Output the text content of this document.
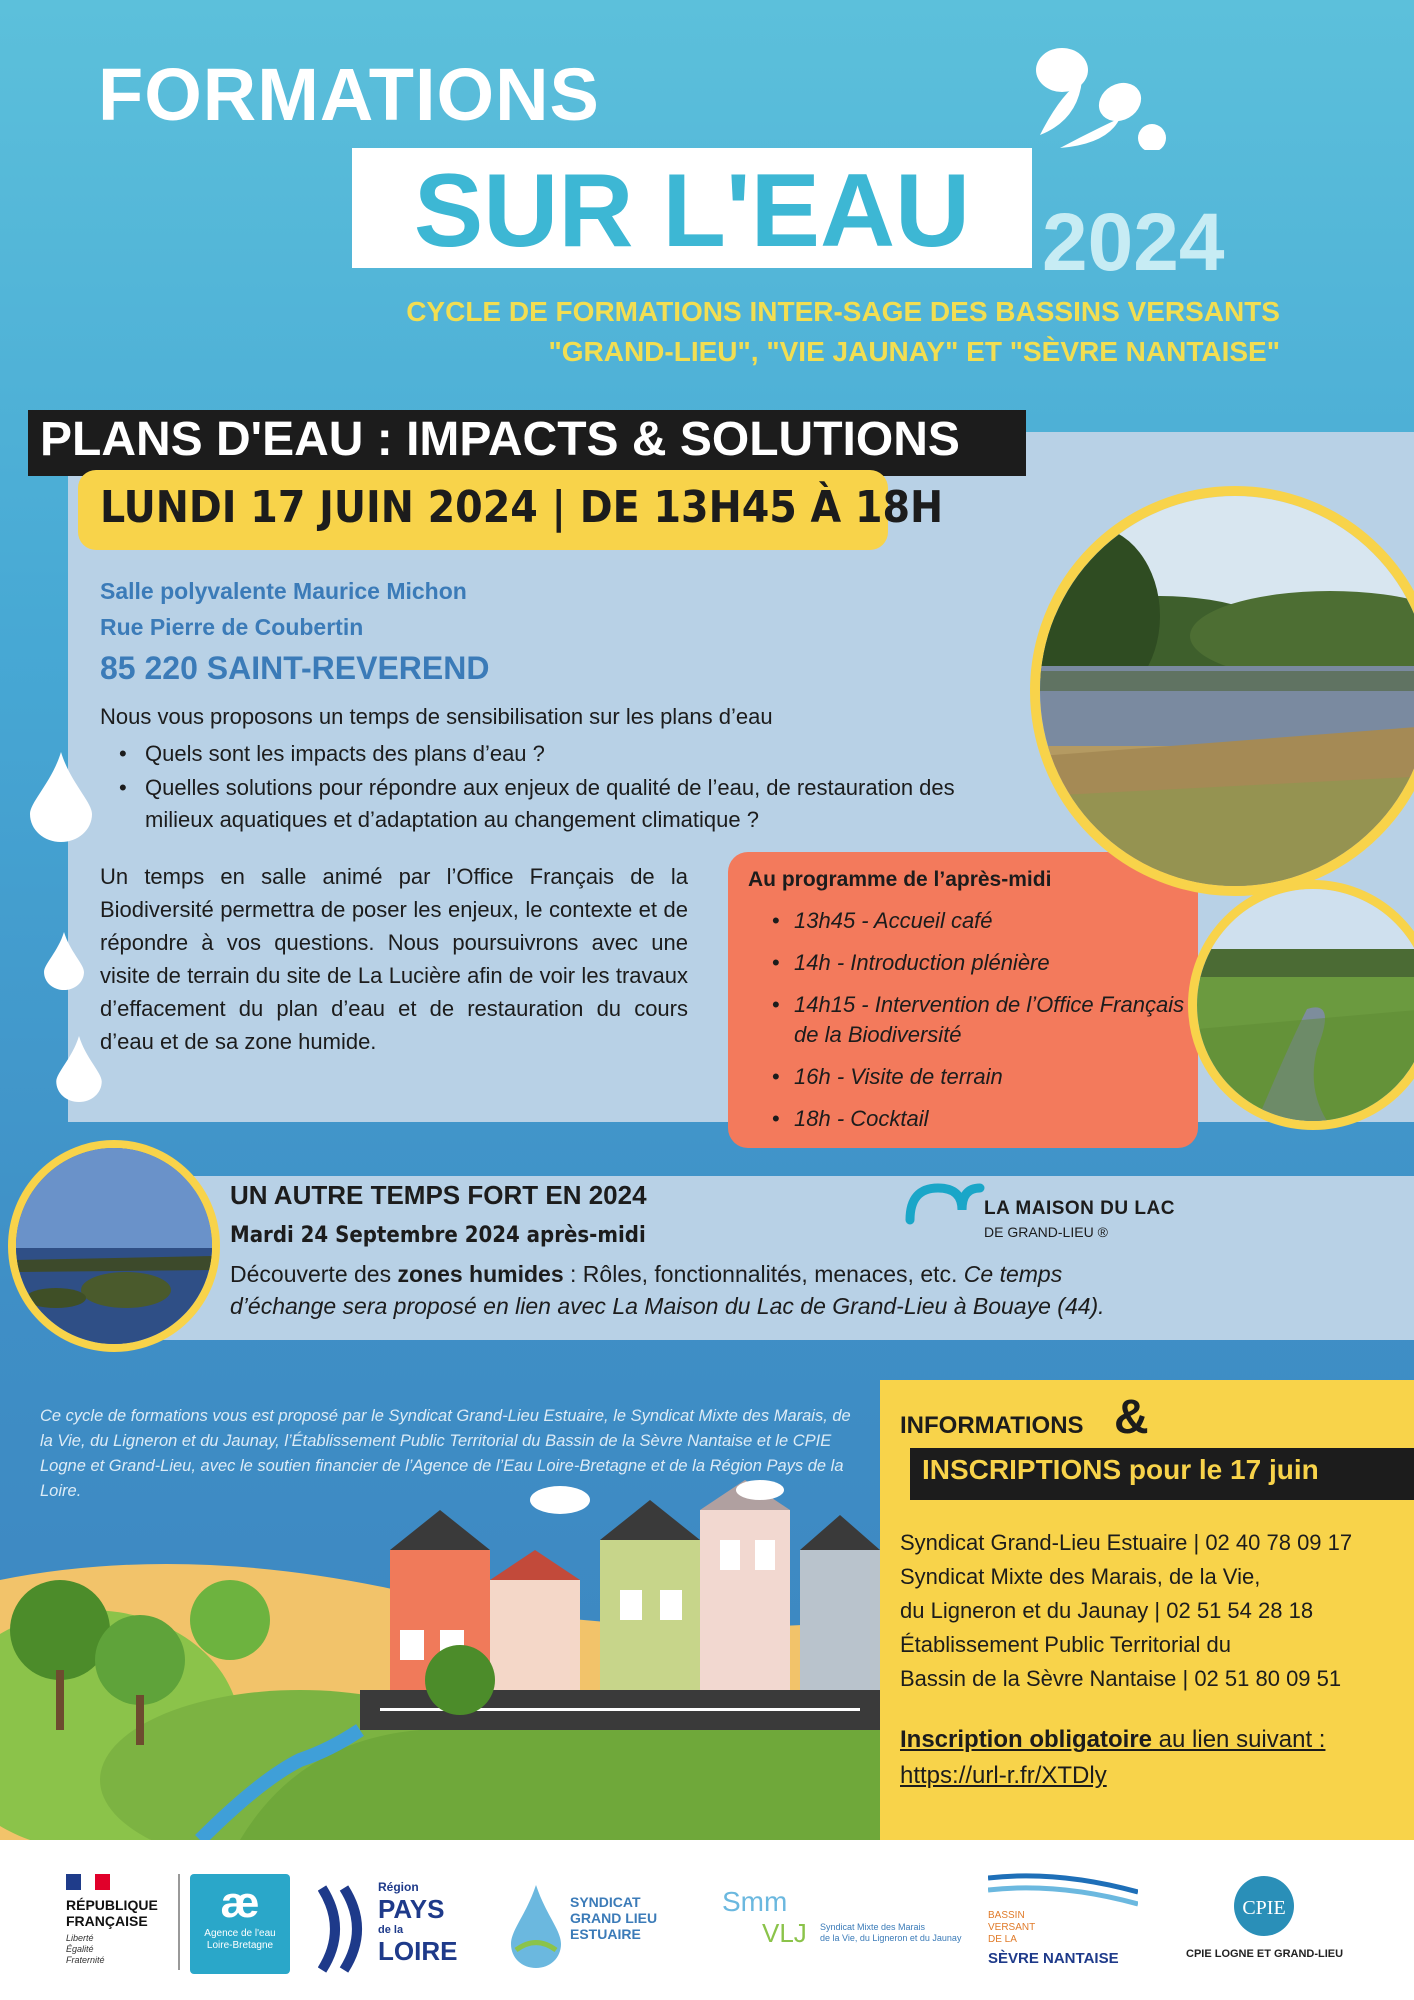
FORMATIONS
SUR L'EAU 2024
CYCLE DE FORMATIONS INTER-SAGE DES BASSINS VERSANTS
"GRAND-LIEU", "VIE JAUNAY" ET "SÈVRE NANTAISE"
PLANS D'EAU : IMPACTS & SOLUTIONS
LUNDI 17 JUIN 2024 | DE 13H45 À 18H
Salle polyvalente Maurice Michon
Rue Pierre de Coubertin
85 220 SAINT-REVEREND
Nous vous proposons un temps de sensibilisation sur les plans d’eau
• Quels sont les impacts des plans d’eau ?
• Quelles solutions pour répondre aux enjeux de qualité de l’eau, de restauration des milieux aquatiques et d’adaptation au changement climatique ?
Un temps en salle animé par l’Office Français de la Biodiversité permettra de poser les enjeux, le contexte et de répondre à vos questions. Nous poursuivrons avec une visite de terrain du site de La Lucière afin de voir les travaux d’effacement du plan d’eau et de restauration du cours d’eau et de sa zone humide.
Au programme de l’après-midi
• 13h45 - Accueil café
• 14h - Introduction plénière
• 14h15 - Intervention de l’Office Français de la Biodiversité
• 16h - Visite de terrain
• 18h - Cocktail
UN AUTRE TEMPS FORT EN 2024
Mardi 24 Septembre 2024 après-midi
Découverte des zones humides : Rôles, fonctionnalités, menaces, etc. Ce temps d’échange sera proposé en lien avec La Maison du Lac de Grand-Lieu à Bouaye (44).
LA MAISON DU LAC
DE GRAND-LIEU ®
Ce cycle de formations vous est proposé par le Syndicat Grand-Lieu Estuaire, le Syndicat Mixte des Marais, de la Vie, du Ligneron et du Jaunay, l’Établissement Public Territorial du Bassin de la Sèvre Nantaise et le CPIE Logne et Grand-Lieu, avec le soutien financier de l’Agence de l’Eau Loire-Bretagne et de la Région Pays de la Loire.
INFORMATIONS &
INSCRIPTIONS pour le 17 juin
Syndicat Grand-Lieu Estuaire | 02 40 78 09 17
Syndicat Mixte des Marais, de la Vie,
du Ligneron et du Jaunay | 02 51 54 28 18
Établissement Public Territorial du
Bassin de la Sèvre Nantaise | 02 51 80 09 51
Inscription obligatoire au lien suivant :
https://url-r.fr/XTDly
RÉPUBLIQUE
FRANÇAISE
Liberté
Égalité
Fraternité
æ
Agence de l'eau
Loire-Bretagne
Région
PAYS
de la
LOIRE
SYNDICAT
GRAND LIEU
ESTUAIRE
Smm
VLJ Syndicat Mixte des Marais
de la Vie, du Ligneron et du Jaunay
BASSIN
VERSANT
DE LA
SÈVRE NANTAISE
CPIE
CPIE LOGNE ET GRAND-LIEU
